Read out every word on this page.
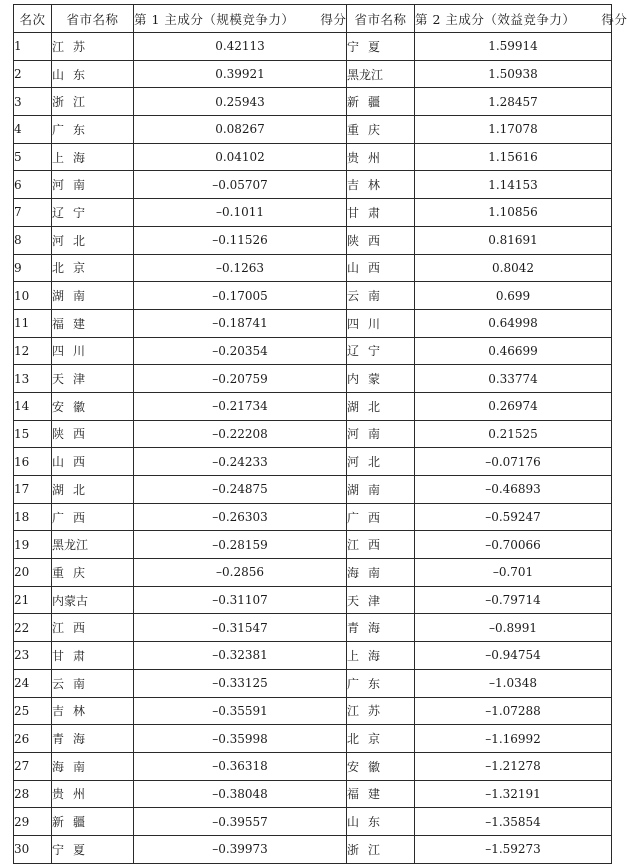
名次	省市名称	第 1 主成分（规模竞争力） 得分	省市名称	第 2 主成分（效益竞争力） 得分
1	江苏	0.42113	宁夏	1.59914
2	山东	0.39921	黑龙江	1.50938
3	浙江	0.25943	新疆	1.28457
4	广东	0.08267	重庆	1.17078
5	上海	0.04102	贵州	1.15616
6	河南	–0.05707	吉林	1.14153
7	辽宁	–0.1011	甘肃	1.10856
8	河北	–0.11526	陕西	0.81691
9	北京	–0.1263	山西	0.8042
10	湖南	–0.17005	云南	0.699
11	福建	–0.18741	四川	0.64998
12	四川	–0.20354	辽宁	0.46699
13	天津	–0.20759	内蒙	0.33774
14	安徽	–0.21734	湖北	0.26974
15	陕西	–0.22208	河南	0.21525
16	山西	–0.24233	河北	–0.07176
17	湖北	–0.24875	湖南	–0.46893
18	广西	–0.26303	广西	–0.59247
19	黑龙江	–0.28159	江西	–0.70066
20	重庆	–0.2856	海南	–0.701
21	内蒙古	–0.31107	天津	–0.79714
22	江西	–0.31547	青海	–0.8991
23	甘肃	–0.32381	上海	–0.94754
24	云南	–0.33125	广东	–1.0348
25	吉林	–0.35591	江苏	–1.07288
26	青海	–0.35998	北京	–1.16992
27	海南	–0.36318	安徽	–1.21278
28	贵州	–0.38048	福建	–1.32191
29	新疆	–0.39557	山东	–1.35854
30	宁夏	–0.39973	浙江	–1.59273
